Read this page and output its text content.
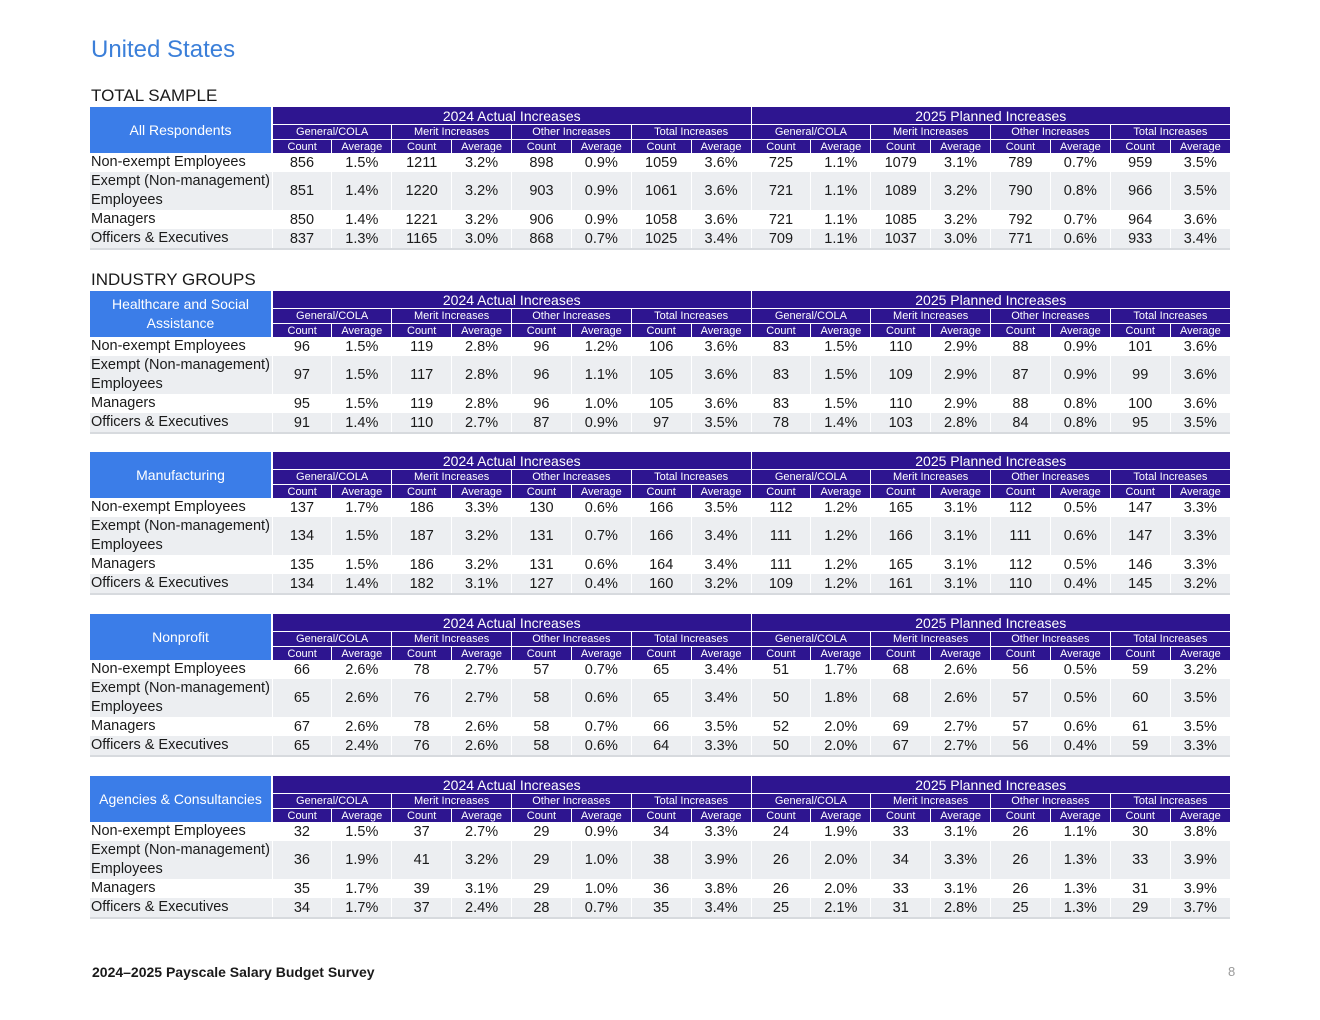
United States
TOTAL SAMPLE
INDUSTRY GROUPS
All Respondents	2024 Actual Increases								2025 Planned Increases							
	General/COLA		Merit Increases		Other Increases		Total Increases		General/COLA		Merit Increases		Other Increases		Total Increases	
	Count	Average	Count	Average	Count	Average	Count	Average	Count	Average	Count	Average	Count	Average	Count	Average
Non-exempt Employees	856	1.5%	1211	3.2%	898	0.9%	1059	3.6%	725	1.1%	1079	3.1%	789	0.7%	959	3.5%
Exempt (Non-management) Employees	851	1.4%	1220	3.2%	903	0.9%	1061	3.6%	721	1.1%	1089	3.2%	790	0.8%	966	3.5%
Managers	850	1.4%	1221	3.2%	906	0.9%	1058	3.6%	721	1.1%	1085	3.2%	792	0.7%	964	3.6%
Officers & Executives	837	1.3%	1165	3.0%	868	0.7%	1025	3.4%	709	1.1%	1037	3.0%	771	0.6%	933	3.4%
Healthcare and Social Assistance	2024 Actual Increases								2025 Planned Increases							
	General/COLA		Merit Increases		Other Increases		Total Increases		General/COLA		Merit Increases		Other Increases		Total Increases	
	Count	Average	Count	Average	Count	Average	Count	Average	Count	Average	Count	Average	Count	Average	Count	Average
Non-exempt Employees	96	1.5%	119	2.8%	96	1.2%	106	3.6%	83	1.5%	110	2.9%	88	0.9%	101	3.6%
Exempt (Non-management) Employees	97	1.5%	117	2.8%	96	1.1%	105	3.6%	83	1.5%	109	2.9%	87	0.9%	99	3.6%
Managers	95	1.5%	119	2.8%	96	1.0%	105	3.6%	83	1.5%	110	2.9%	88	0.8%	100	3.6%
Officers & Executives	91	1.4%	110	2.7%	87	0.9%	97	3.5%	78	1.4%	103	2.8%	84	0.8%	95	3.5%
Manufacturing	2024 Actual Increases								2025 Planned Increases							
	General/COLA		Merit Increases		Other Increases		Total Increases		General/COLA		Merit Increases		Other Increases		Total Increases	
	Count	Average	Count	Average	Count	Average	Count	Average	Count	Average	Count	Average	Count	Average	Count	Average
Non-exempt Employees	137	1.7%	186	3.3%	130	0.6%	166	3.5%	112	1.2%	165	3.1%	112	0.5%	147	3.3%
Exempt (Non-management) Employees	134	1.5%	187	3.2%	131	0.7%	166	3.4%	111	1.2%	166	3.1%	111	0.6%	147	3.3%
Managers	135	1.5%	186	3.2%	131	0.6%	164	3.4%	111	1.2%	165	3.1%	112	0.5%	146	3.3%
Officers & Executives	134	1.4%	182	3.1%	127	0.4%	160	3.2%	109	1.2%	161	3.1%	110	0.4%	145	3.2%
Nonprofit	2024 Actual Increases								2025 Planned Increases							
	General/COLA		Merit Increases		Other Increases		Total Increases		General/COLA		Merit Increases		Other Increases		Total Increases	
	Count	Average	Count	Average	Count	Average	Count	Average	Count	Average	Count	Average	Count	Average	Count	Average
Non-exempt Employees	66	2.6%	78	2.7%	57	0.7%	65	3.4%	51	1.7%	68	2.6%	56	0.5%	59	3.2%
Exempt (Non-management) Employees	65	2.6%	76	2.7%	58	0.6%	65	3.4%	50	1.8%	68	2.6%	57	0.5%	60	3.5%
Managers	67	2.6%	78	2.6%	58	0.7%	66	3.5%	52	2.0%	69	2.7%	57	0.6%	61	3.5%
Officers & Executives	65	2.4%	76	2.6%	58	0.6%	64	3.3%	50	2.0%	67	2.7%	56	0.4%	59	3.3%
Agencies & Consultancies	2024 Actual Increases								2025 Planned Increases							
	General/COLA		Merit Increases		Other Increases		Total Increases		General/COLA		Merit Increases		Other Increases		Total Increases	
	Count	Average	Count	Average	Count	Average	Count	Average	Count	Average	Count	Average	Count	Average	Count	Average
Non-exempt Employees	32	1.5%	37	2.7%	29	0.9%	34	3.3%	24	1.9%	33	3.1%	26	1.1%	30	3.8%
Exempt (Non-management) Employees	36	1.9%	41	3.2%	29	1.0%	38	3.9%	26	2.0%	34	3.3%	26	1.3%	33	3.9%
Managers	35	1.7%	39	3.1%	29	1.0%	36	3.8%	26	2.0%	33	3.1%	26	1.3%	31	3.9%
Officers & Executives	34	1.7%	37	2.4%	28	0.7%	35	3.4%	25	2.1%	31	2.8%	25	1.3%	29	3.7%
2024–2025 Payscale Salary Budget Survey	8
